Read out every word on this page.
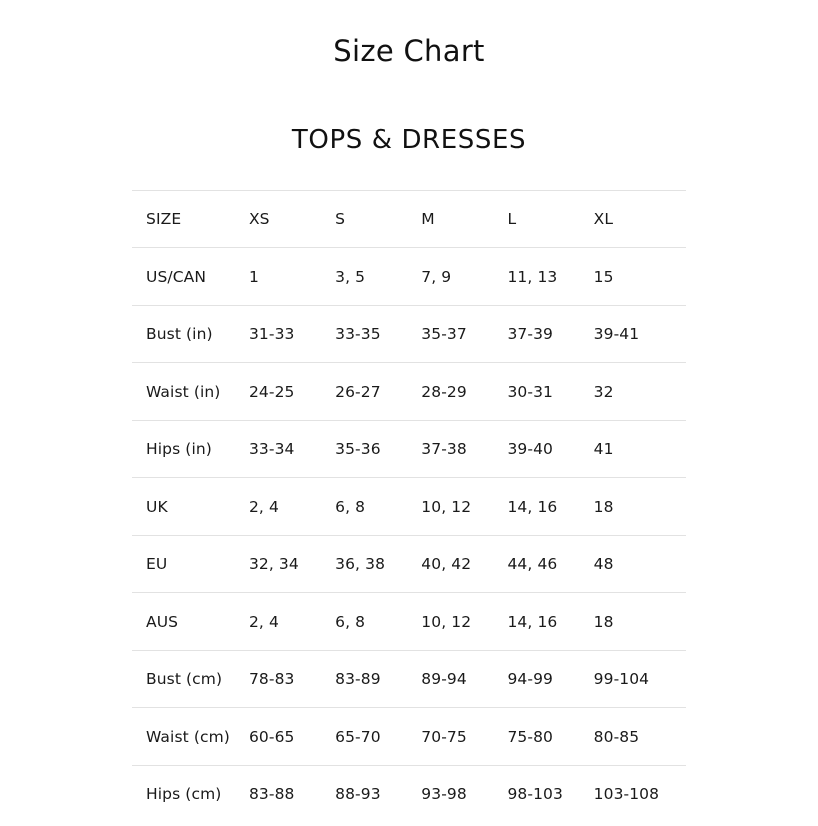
Size Chart
TOPS & DRESSES
SIZE	XS	S	M	L	XL
US/CAN	1	3, 5	7, 9	11, 13	15
Bust (in)	31-33	33-35	35-37	37-39	39-41
Waist (in)	24-25	26-27	28-29	30-31	32
Hips (in)	33-34	35-36	37-38	39-40	41
UK	2, 4	6, 8	10, 12	14, 16	18
EU	32, 34	36, 38	40, 42	44, 46	48
AUS	2, 4	6, 8	10, 12	14, 16	18
Bust (cm)	78-83	83-89	89-94	94-99	99-104
Waist (cm)	60-65	65-70	70-75	75-80	80-85
Hips (cm)	83-88	88-93	93-98	98-103	103-108
